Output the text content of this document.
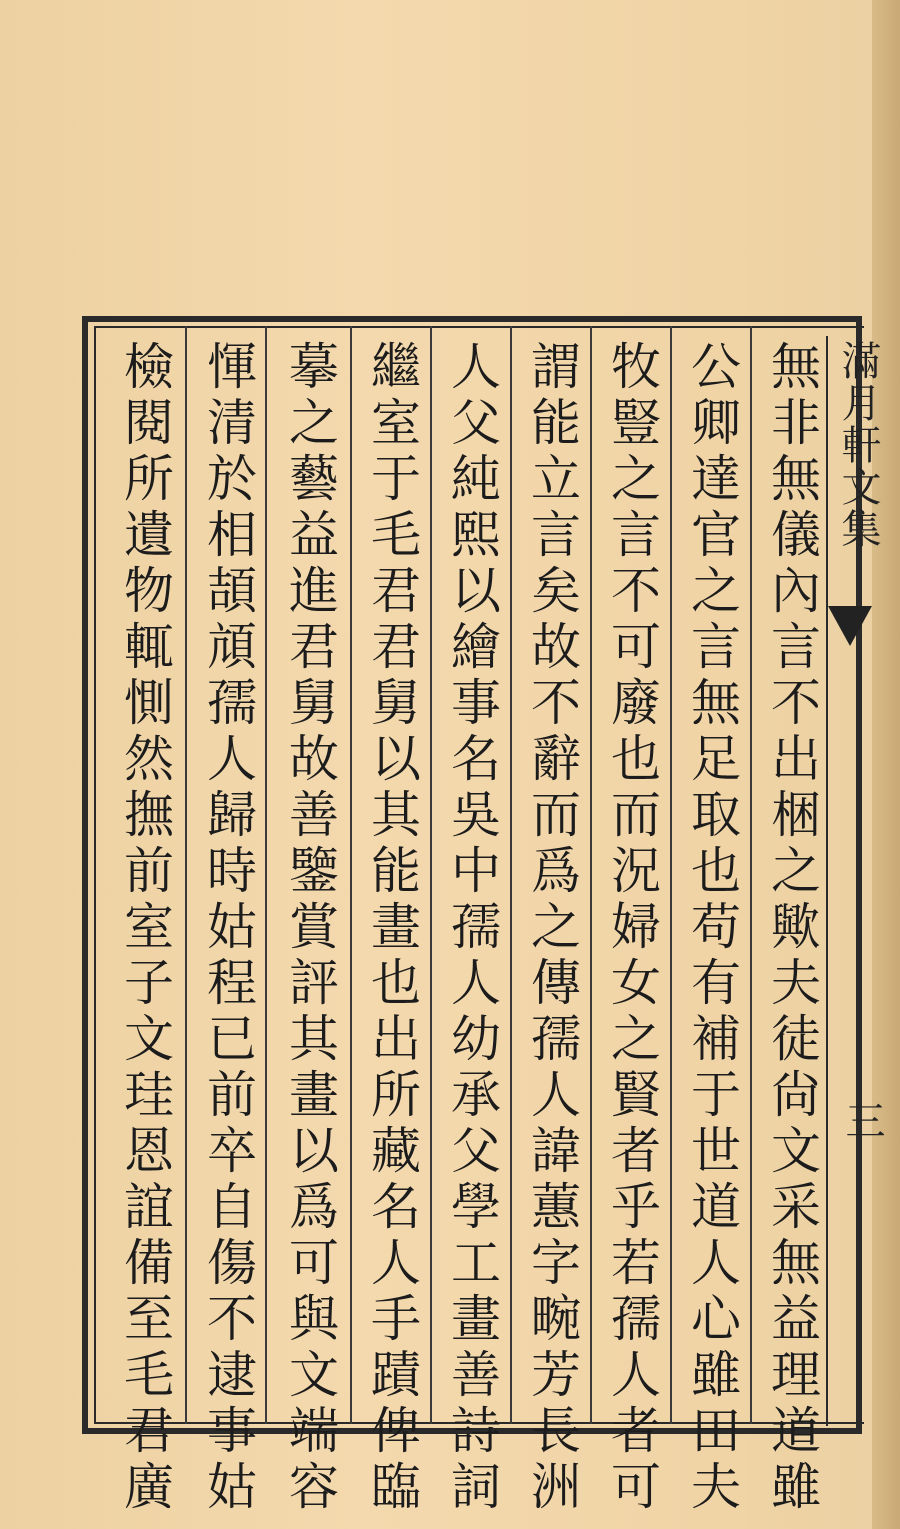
滿月軒文集
三
無非無儀內言不出梱之歟夫徒尙文采無益理道雖
公卿達官之言無足取也苟有補于世道人心雖田夫
牧豎之言不可廢也而況婦女之賢者乎若孺人者可
謂能立言矣故不辭而爲之傳孺人諱蕙字畹芳長洲
人父純熙以繪事名吳中孺人幼承父學工畫善詩詞
繼室于毛君君舅以其能畫也出所藏名人手蹟俾臨
摹之藝益進君舅故善鑒賞評其畫以爲可與文端容
惲清於相頡頏孺人歸時姑程已前卒自傷不逮事姑
檢閱所遺物輒惻然撫前室子文珪恩誼備至毛君廣
